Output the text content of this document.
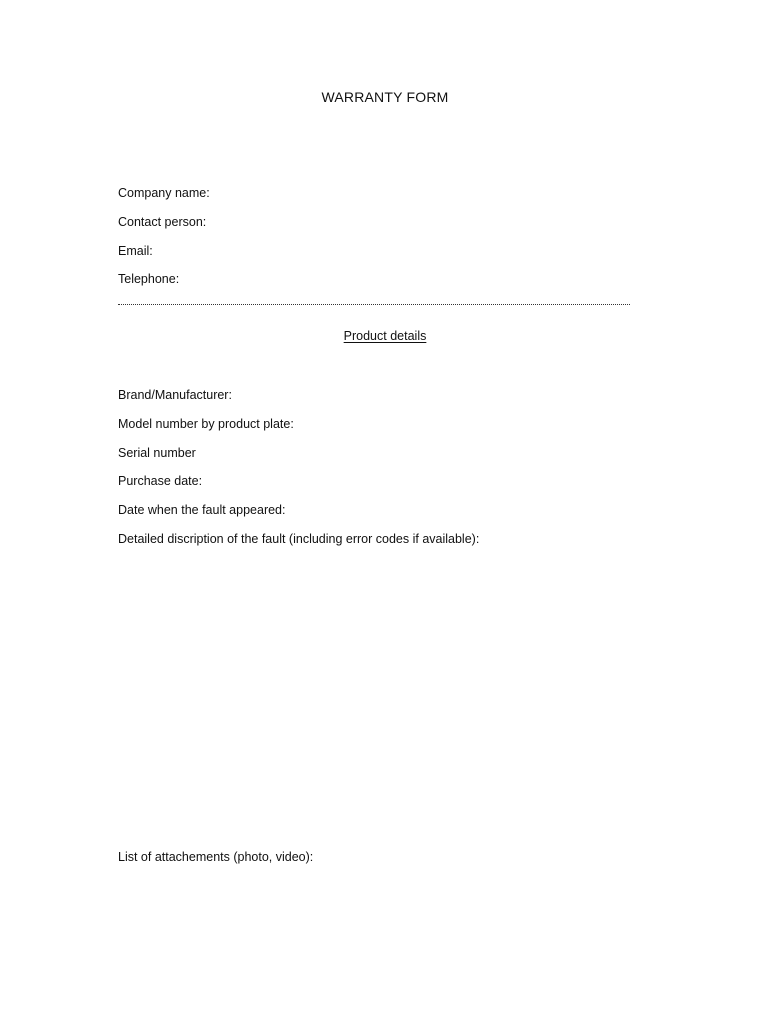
WARRANTY FORM
Company name:
Contact person:
Email:
Telephone:
Product details
Brand/Manufacturer:
Model number by product plate:
Serial number
Purchase date:
Date when the fault appeared:
Detailed discription of the fault (including error codes if available):
List of attachements (photo, video):
